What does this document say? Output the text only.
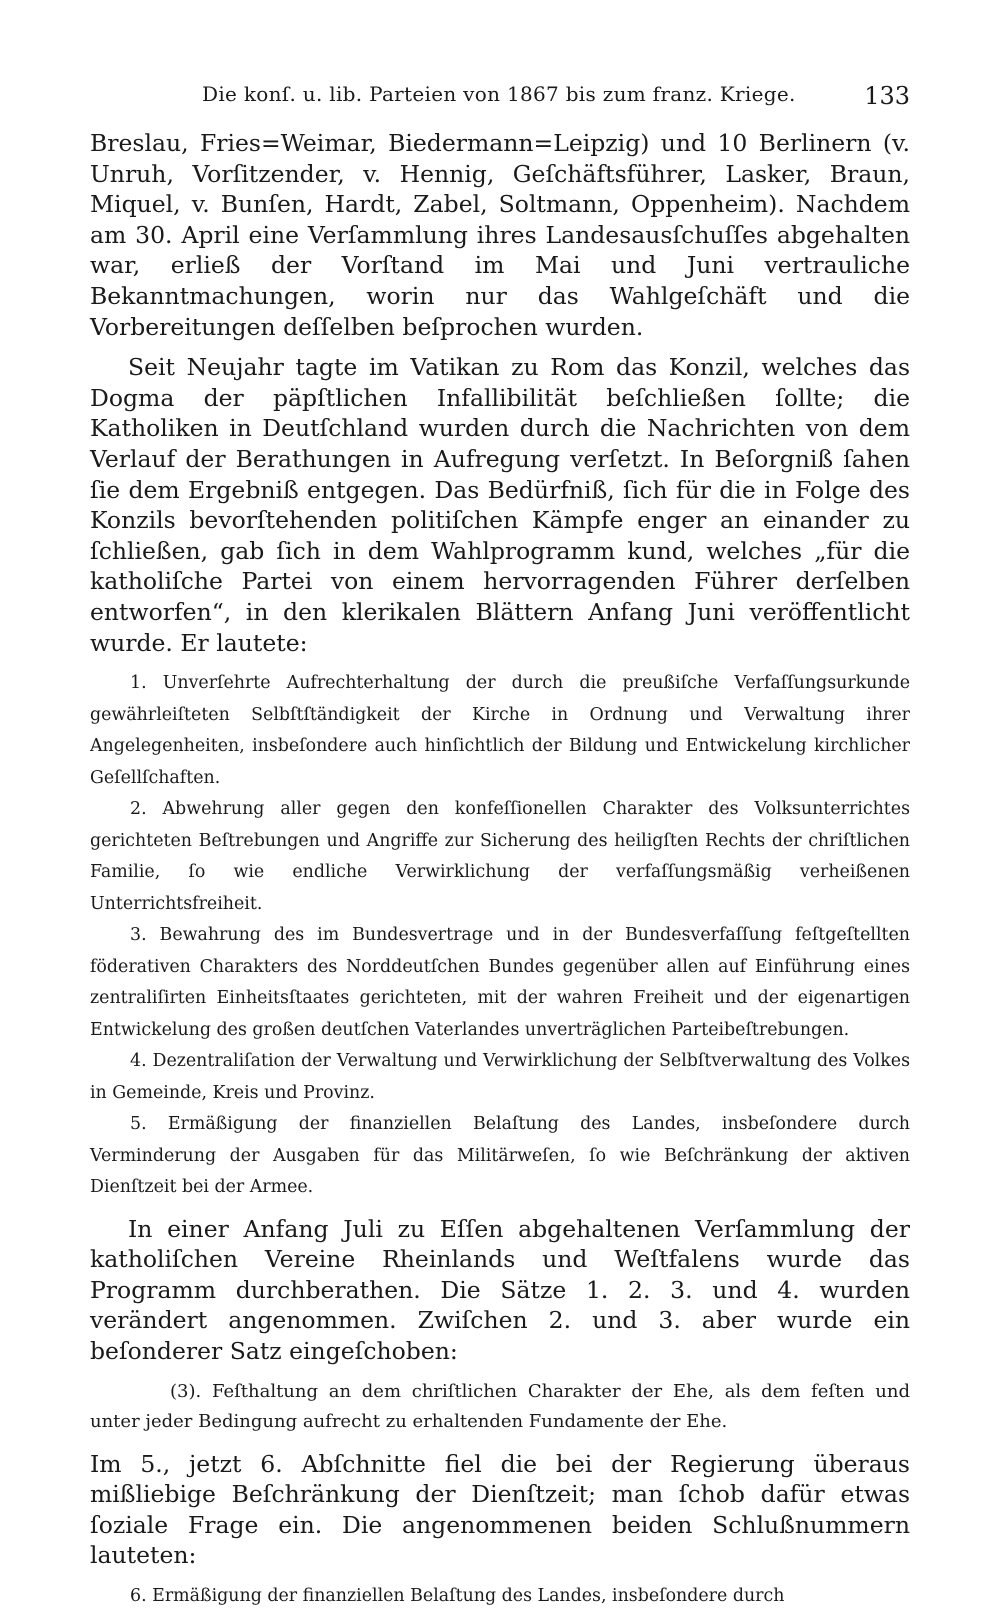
Die konſ. u. lib. Parteien von 1867 bis zum franz. Kriege.	133

Breslau, Fries=Weimar, Biedermann=Leipzig) und 10 Berlinern (v. Unruh, Vorſitzender, v. Hennig, Geſchäftsführer, Lasker, Braun, Miquel, v. Bunſen, Hardt, Zabel, Soltmann, Oppenheim). Nachdem am 30. April eine Verſammlung ihres Landesausſchuſſes abgehalten war, erließ der Vorſtand im Mai und Juni vertrauliche Bekanntmachungen, worin nur das Wahlgeſchäft und die Vorbereitungen deſſelben beſprochen wurden.

Seit Neujahr tagte im Vatikan zu Rom das Konzil, welches das Dogma der päpſtlichen Infallibilität beſchließen ſollte; die Katholiken in Deutſchland wurden durch die Nachrichten von dem Verlauf der Berathungen in Aufregung verſetzt. In Beſorgniß ſahen ſie dem Ergebniß entgegen. Das Bedürfniß, ſich für die in Folge des Konzils bevorſtehenden politiſchen Kämpfe enger an einander zu ſchließen, gab ſich in dem Wahlprogramm kund, welches „für die katholiſche Partei von einem hervorragenden Führer derſelben entworfen“, in den klerikalen Blättern Anfang Juni veröffentlicht wurde. Er lautete:

1. Unverſehrte Aufrechterhaltung der durch die preußiſche Verfaſſungsurkunde gewährleiſteten Selbſtſtändigkeit der Kirche in Ordnung und Verwaltung ihrer Angelegenheiten, insbeſondere auch hinſichtlich der Bildung und Entwickelung kirchlicher Geſellſchaften.

2. Abwehrung aller gegen den konfeſſionellen Charakter des Volksunterrichtes gerichteten Beſtrebungen und Angriffe zur Sicherung des heiligſten Rechts der chriſtlichen Familie, ſo wie endliche Verwirklichung der verfaſſungsmäßig verheißenen Unterrichtsfreiheit.

3. Bewahrung des im Bundesvertrage und in der Bundesverfaſſung feſtgeſtellten föderativen Charakters des Norddeutſchen Bundes gegenüber allen auf Einführung eines zentraliſirten Einheitsſtaates gerichteten, mit der wahren Freiheit und der eigenartigen Entwickelung des großen deutſchen Vaterlandes unverträglichen Parteibeſtrebungen.

4. Dezentraliſation der Verwaltung und Verwirklichung der Selbſtverwaltung des Volkes in Gemeinde, Kreis und Provinz.

5. Ermäßigung der finanziellen Belaſtung des Landes, insbeſondere durch Verminderung der Ausgaben für das Militärweſen, ſo wie Beſchränkung der aktiven Dienſtzeit bei der Armee.

In einer Anfang Juli zu Eſſen abgehaltenen Verſammlung der katholiſchen Vereine Rheinlands und Weſtfalens wurde das Programm durchberathen. Die Sätze 1. 2. 3. und 4. wurden verändert angenommen. Zwiſchen 2. und 3. aber wurde ein beſonderer Satz eingeſchoben:

(3). Feſthaltung an dem chriſtlichen Charakter der Ehe, als dem feſten und unter jeder Bedingung aufrecht zu erhaltenden Fundamente der Ehe.

Im 5., jetzt 6. Abſchnitte fiel die bei der Regierung überaus mißliebige Beſchränkung der Dienſtzeit; man ſchob dafür etwas ſoziale Frage ein. Die angenommenen beiden Schlußnummern lauteten:

6. Ermäßigung der finanziellen Belaſtung des Landes, insbeſondere durch
